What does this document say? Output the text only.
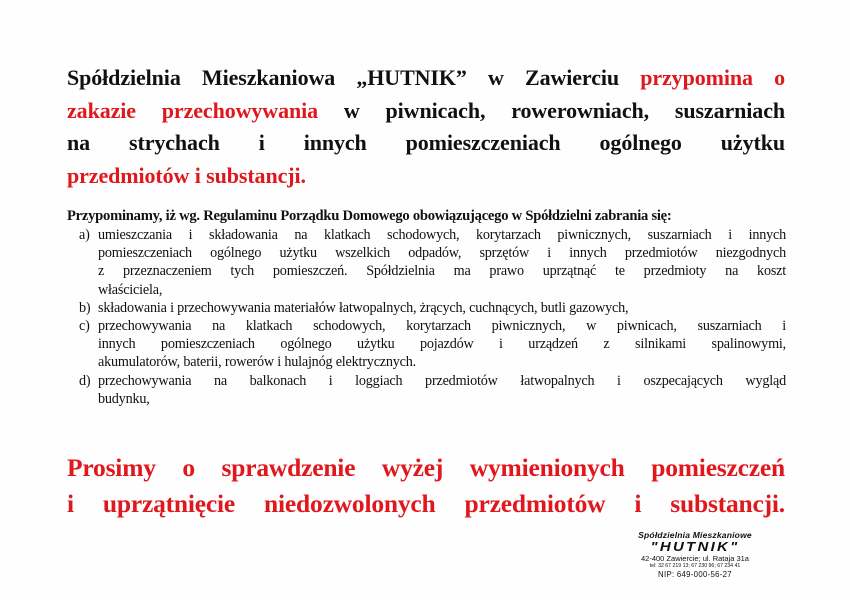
Spółdzielnia Mieszkaniowa „HUTNIK” w Zawierciu przypomina o
zakazie przechowywania w piwnicach, rowerowniach, suszarniach
na strychach i innych pomieszczeniach ogólnego użytku
przedmiotów i substancji.
Przypominamy, iż wg. Regulaminu Porządku Domowego obowiązującego w Spółdzielni zabrania się:
a) umieszczania i składowania na klatkach schodowych, korytarzach piwnicznych, suszarniach i innych
pomieszczeniach ogólnego użytku wszelkich odpadów, sprzętów i innych przedmiotów niezgodnych
z przeznaczeniem tych pomieszczeń. Spółdzielnia ma prawo uprzątnąć te przedmioty na koszt
właściciela,
b) składowania i przechowywania materiałów łatwopalnych, żrących, cuchnących, butli gazowych,
c) przechowywania na klatkach schodowych, korytarzach piwnicznych, w piwnicach, suszarniach i
innych pomieszczeniach ogólnego użytku pojazdów i urządzeń z silnikami spalinowymi,
akumulatorów, baterii, rowerów i hulajnóg elektrycznych.
d) przechowywania na balkonach i loggiach przedmiotów łatwopalnych i oszpecających wygląd
budynku,
Prosimy o sprawdzenie wyżej wymienionych pomieszczeń
i uprzątnięcie niedozwolonych przedmiotów i substancji.
Spółdzielnia Mieszkaniowe
"HUTNIK"
42-400 Zawiercie; ul. Rataja 31a
tel: 32 67 219 13; 67 230 96; 67 234 41
NIP: 649-000-56-27
